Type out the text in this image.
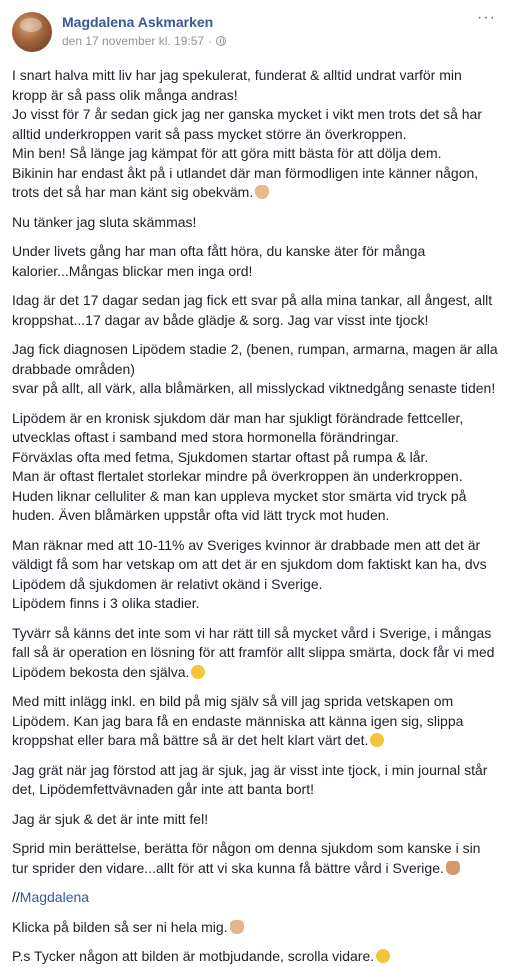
Magdalena Askmarken
den 17 november kl. 19:57 ·
···

I snart halva mitt liv har jag spekulerat, funderat & alltid undrat varför min kropp är så pass olik många andras!
Jo visst för 7 år sedan gick jag ner ganska mycket i vikt men trots det så har alltid underkroppen varit så pass mycket större än överkroppen.
Min ben! Så länge jag kämpat för att göra mitt bästa för att dölja dem.
Bikinin har endast åkt på i utlandet där man förmodligen inte känner någon, trots det så har man känt sig obekväm.

Nu tänker jag sluta skämmas!

Under livets gång har man ofta fått höra, du kanske äter för många kalorier...Mångas blickar men inga ord!

Idag är det 17 dagar sedan jag fick ett svar på alla mina tankar, all ångest, allt kroppshat...17 dagar av både glädje & sorg. Jag var visst inte tjock!

Jag fick diagnosen Lipödem stadie 2, (benen, rumpan, armarna, magen är alla drabbade områden)
svar på allt, all värk, alla blåmärken, all misslyckad viktnedgång senaste tiden!

Lipödem är en kronisk sjukdom där man har sjukligt förändrade fettceller, utvecklas oftast i samband med stora hormonella förändringar.
Förväxlas ofta med fetma, Sjukdomen startar oftast på rumpa & lår.
Man är oftast flertalet storlekar mindre på överkroppen än underkroppen.
Huden liknar celluliter & man kan uppleva mycket stor smärta vid tryck på huden. Även blåmärken uppstår ofta vid lätt tryck mot huden.

Man räknar med att 10-11% av Sveriges kvinnor är drabbade men att det är väldigt få som har vetskap om att det är en sjukdom dom faktiskt kan ha, dvs Lipödem då sjukdomen är relativt okänd i Sverige.
Lipödem finns i 3 olika stadier.

Tyvärr så känns det inte som vi har rätt till så mycket vård i Sverige, i mångas fall så är operation en lösning för att framför allt slippa smärta, dock får vi med Lipödem bekosta den själva.

Med mitt inlägg inkl. en bild på mig själv så vill jag sprida vetskapen om Lipödem. Kan jag bara få en endaste människa att känna igen sig, slippa kroppshat eller bara må bättre så är det helt klart värt det.

Jag grät när jag förstod att jag är sjuk, jag är visst inte tjock, i min journal står det, Lipödemfettvävnaden går inte att banta bort!

Jag är sjuk & det är inte mitt fel!

Sprid min berättelse, berätta för någon om denna sjukdom som kanske i sin tur sprider den vidare...allt för att vi ska kunna få bättre vård i Sverige.

//Magdalena

Klicka på bilden så ser ni hela mig.

P.s Tycker någon att bilden är motbjudande, scrolla vidare.
